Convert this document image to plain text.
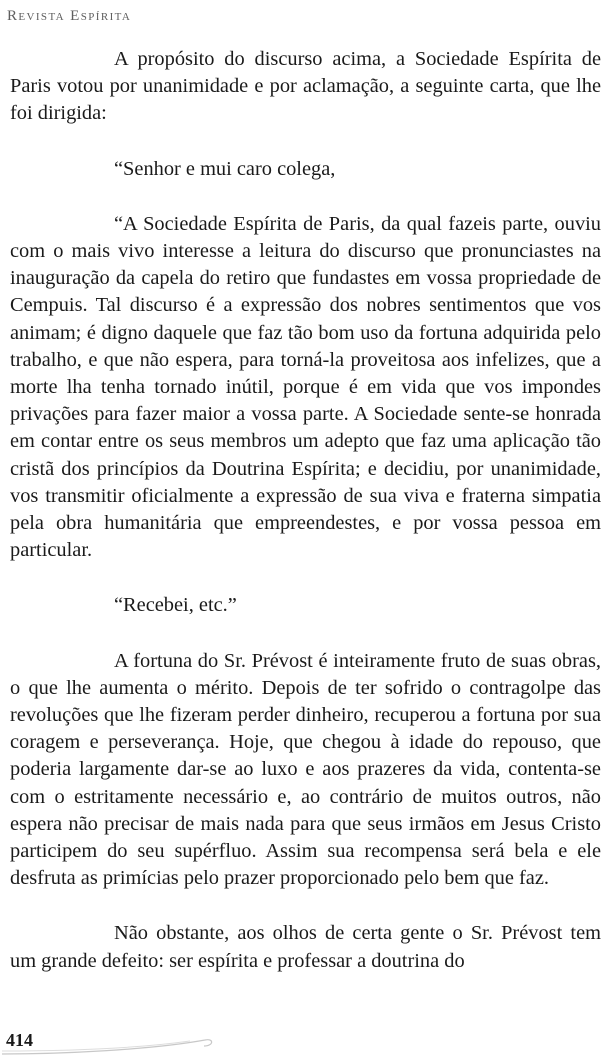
Revista Espírita

A propósito do discurso acima, a Sociedade Espírita de Paris votou por unanimidade e por aclamação, a seguinte carta, que lhe foi dirigida:

“Senhor e mui caro colega,

“A Sociedade Espírita de Paris, da qual fazeis parte, ouviu com o mais vivo interesse a leitura do discurso que pronunciastes na inauguração da capela do retiro que fundastes em vossa propriedade de Cempuis. Tal discurso é a expressão dos nobres sentimentos que vos animam; é digno daquele que faz tão bom uso da fortuna adquirida pelo trabalho, e que não espera, para torná-la proveitosa aos infelizes, que a morte lha tenha tornado inútil, porque é em vida que vos impondes privações para fazer maior a vossa parte. A Sociedade sente-se honrada em contar entre os seus membros um adepto que faz uma aplicação tão cristã dos princípios da Doutrina Espírita; e decidiu, por unanimidade, vos transmitir oficialmente a expressão de sua viva e fraterna simpatia pela obra humanitária que empreendestes, e por vossa pessoa em particular.

“Recebei, etc.”

A fortuna do Sr. Prévost é inteiramente fruto de suas obras, o que lhe aumenta o mérito. Depois de ter sofrido o contragolpe das revoluções que lhe fizeram perder dinheiro, recuperou a fortuna por sua coragem e perseverança. Hoje, que chegou à idade do repouso, que poderia largamente dar-se ao luxo e aos prazeres da vida, contenta-se com o estritamente necessário e, ao contrário de muitos outros, não espera não precisar de mais nada para que seus irmãos em Jesus Cristo participem do seu supérfluo. Assim sua recompensa será bela e ele desfruta as primícias pelo prazer proporcionado pelo bem que faz.

Não obstante, aos olhos de certa gente o Sr. Prévost tem um grande defeito: ser espírita e professar a doutrina do

414
